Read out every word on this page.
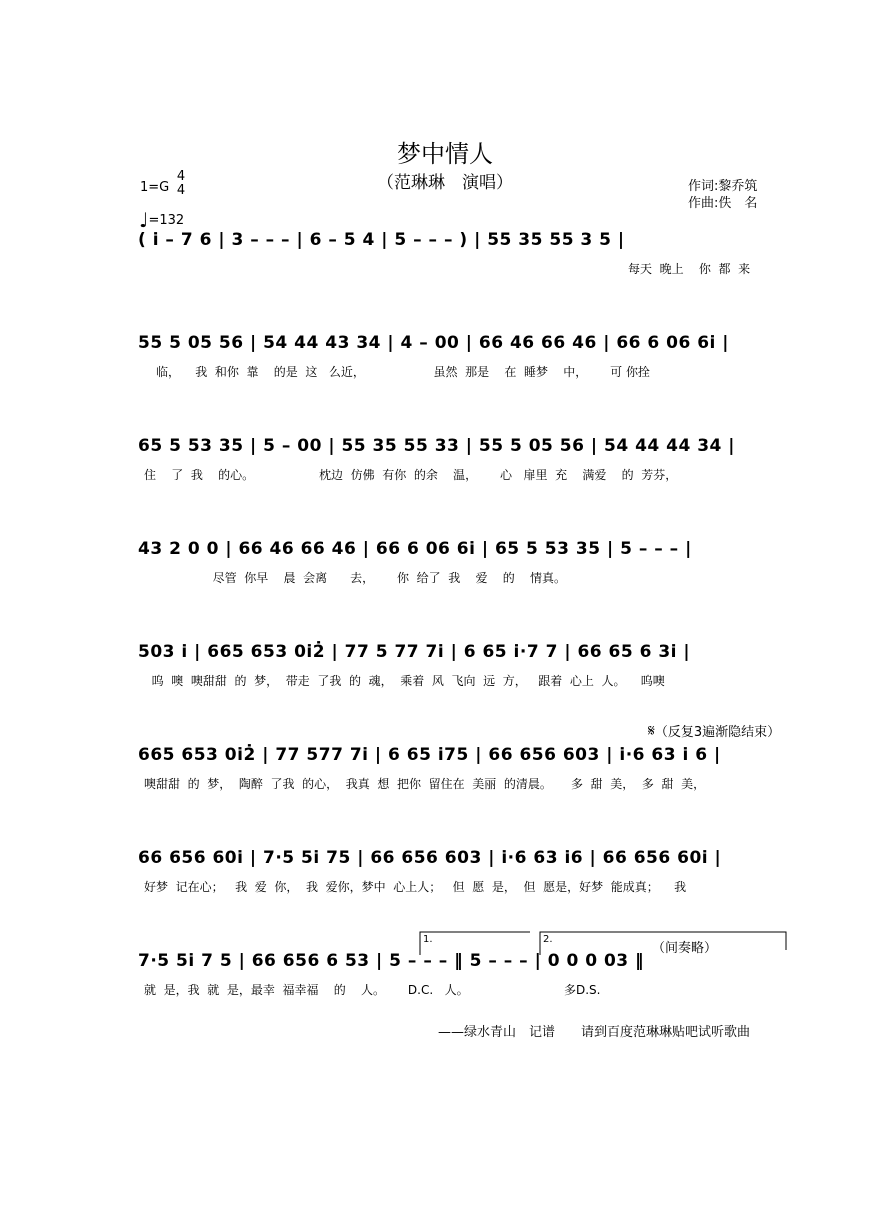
梦中情人
（范琳琳　演唱）	作词:黎乔筑
作曲:佚　名
1=G
4
4
♩=132
𝄋（反复3遍渐隐结束）
（间奏略）
1.	2.
( i̇ – 7 6 | 3 – – – | 6 – 5 4 | 5 – – – ) | 55 35 55 3 5 |
每天  晚上    你  都  来
55 5 05 56 | 54 44 43 34 | 4 – 00 | 66 46 66 46 | 66 6 06 6i̇ |
临，    我  和你  靠    的是  这   么近，                  虽然  那是    在  睡梦    中，      可 你拴
65 5 53 35 | 5 – 00 | 55 35 55 33 | 55 5 05 56 | 54 44 44 34 |
住    了  我    的心。                 枕边  仿佛  有你  的余    温，      心   扉里  充    满爱    的  芳芬，
43 2 0 0 | 66 46 66 46 | 66 6 06 6i̇ | 65 5 53 35 | 5 – – – |
尽管  你早    晨  会离      去，      你  给了  我    爱    的    情真。
503 i̇ | 665 653 0i̇2̇ | 77 5 77 7i̇ | 6 65 i̇·7 7 | 66 65 6 3i̇ |
呜  噢  噢甜甜  的  梦，  带走  了我  的  魂，  乘着  风  飞向  远  方，   跟着  心上  人。    呜噢
665 653 0i̇2̇ | 77 577 7i̇ | 6 65 i̇75 | 66 656 603 | i̇·6 63 i̇ 6 |
噢甜甜  的  梦，  陶醉  了我  的心，  我真  想  把你  留住在  美丽  的清晨。     多  甜  美，  多  甜  美，
66 656 60i̇ | 7·5 5i̇ 75 | 66 656 603 | i̇·6 63 i̇6 | 66 656 60i̇ |
好梦  记在心；   我  爱  你，  我  爱你，梦中  心上人；   但  愿  是，  但  愿是，好梦  能成真；    我
7·5 5i̇ 7 5 | 66 656 6 53 | 5 – – – ‖ 5 – – – | 0 0 0 03 ‖
就  是，我  就  是，最幸  福幸福    的    人。      D.C.   人。                         多D.S.
——绿水青山　记谱　　请到百度范琳琳贴吧试听歌曲
